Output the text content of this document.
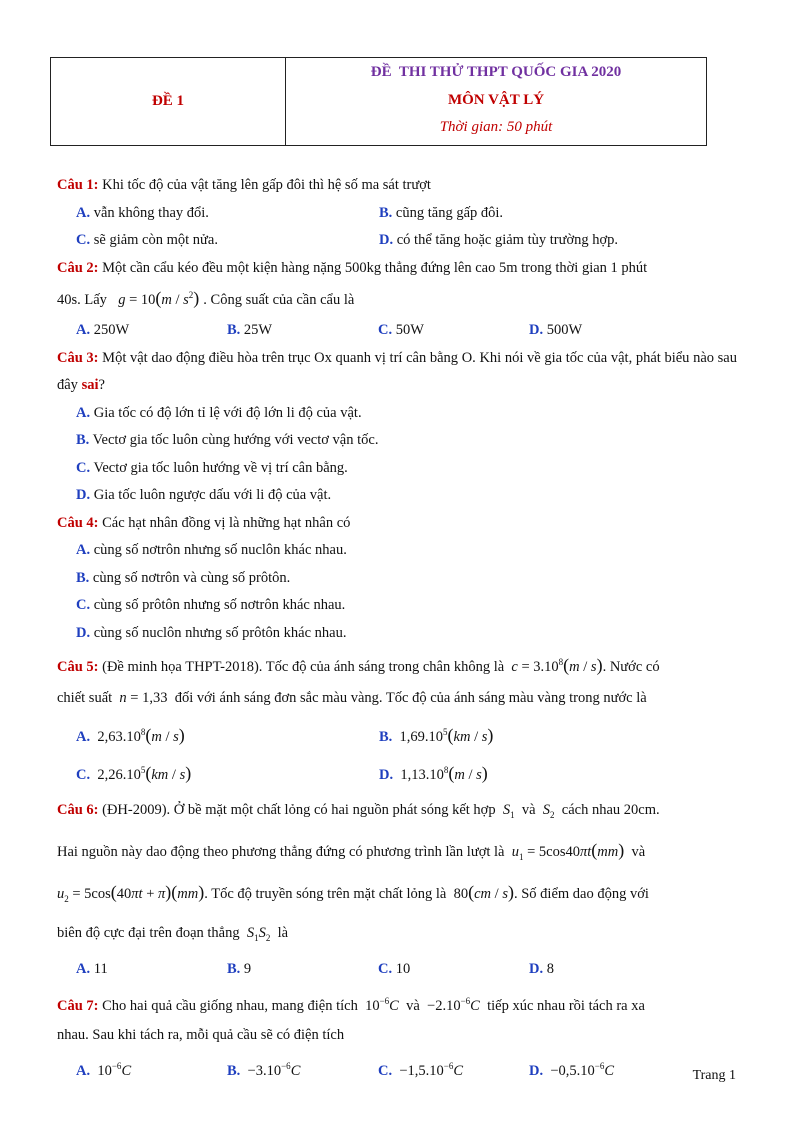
ĐỀ 1
ĐỀ  THI THỬ THPT QUỐC GIA 2020
MÔN VẬT LÝ
Thời gian: 50 phút
Câu 1: Khi tốc độ của vật tăng lên gấp đôi thì hệ số ma sát trượt
A. vẫn không thay đổi.	B. cũng tăng gấp đôi.
C. sẽ giảm còn một nửa.	D. có thể tăng hoặc giảm tùy trường hợp.
Câu 2: Một cần cẩu kéo đều một kiện hàng nặng 500kg thẳng đứng lên cao 5m trong thời gian 1 phút
40s. Lấy $g = 10(m / s^2)$ . Công suất của cần cẩu là
A. 250W	B. 25W	C. 50W	D. 500W
Câu 3: Một vật dao động điều hòa trên trục Ox quanh vị trí cân bằng O. Khi nói về gia tốc của vật, phát biểu nào sau đây sai?
A. Gia tốc có độ lớn tỉ lệ với độ lớn li độ của vật.
B. Vectơ gia tốc luôn cùng hướng với vectơ vận tốc.
C. Vectơ gia tốc luôn hướng về vị trí cân bằng.
D. Gia tốc luôn ngược dấu với li độ của vật.
Câu 4: Các hạt nhân đồng vị là những hạt nhân có
A. cùng số nơtrôn nhưng số nuclôn khác nhau.
B. cùng số nơtrôn và cùng số prôtôn.
C. cùng số prôtôn nhưng số nơtrôn khác nhau.
D. cùng số nuclôn nhưng số prôtôn khác nhau.
Câu 5: (Đề minh họa THPT-2018). Tốc độ của ánh sáng trong chân không là $c = 3.10^8(m / s)$. Nước có
chiết suất n = 1,33  đối với ánh sáng đơn sắc màu vàng. Tốc độ của ánh sáng màu vàng trong nước là
A.  2,63.10$^8$(m / s)	B.  1,69.10$^5$(km / s)
C.  2,26.10$^5$(km / s)	D.  1,13.10$^8$(m / s)
Câu 6: (ĐH-2009). Ở bề mặt một chất lỏng có hai nguồn phát sóng kết hợp $S_1$ và $S_2$ cách nhau 20cm.
Hai nguồn này dao động theo phương thẳng đứng có phương trình lần lượt là $u_1 = 5\cos 40\pi t(mm)$ và
$u_2 = 5\cos(40\pi t + \pi)(mm)$. Tốc độ truyền sóng trên mặt chất lỏng là  80(cm / s). Số điểm dao động với
biên độ cực đại trên đoạn thẳng $S_1S_2$ là
A. 11	B. 9	C. 10	D. 8
Câu 7: Cho hai quả cầu giống nhau, mang điện tích  $10^{-6}C$ và  $-2.10^{-6}C$ tiếp xúc nhau rồi tách ra xa
nhau. Sau khi tách ra, mỗi quả cầu sẽ có điện tích
A.  $10^{-6}C$	B.  $-3.10^{-6}C$	C.  $-1,5.10^{-6}C$	D.  $-0,5.10^{-6}C$	Trang 1
